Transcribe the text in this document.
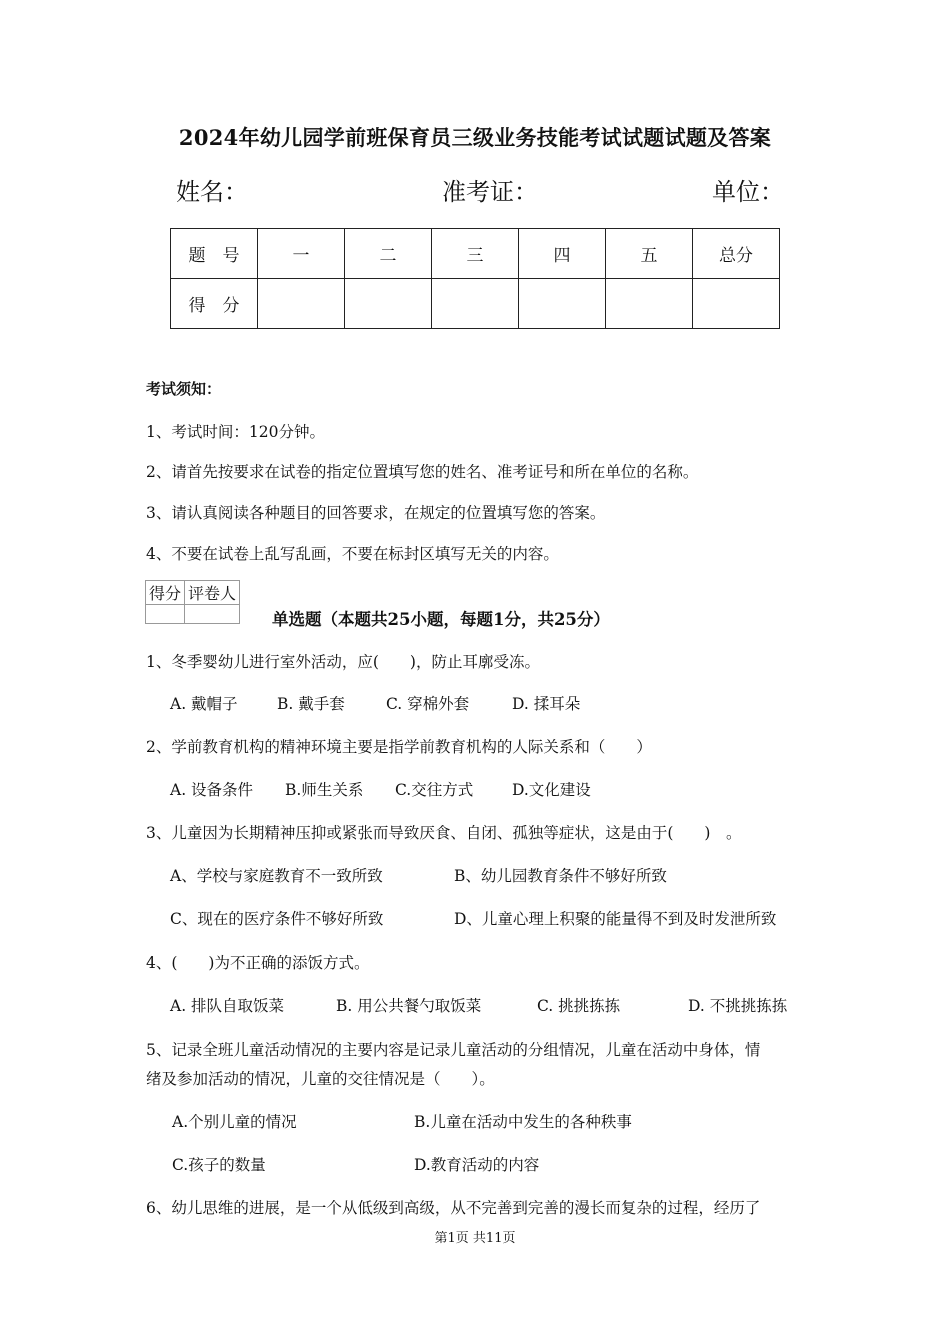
2024年幼儿园学前班保育员三级业务技能考试试题试题及答案
姓名：	准考证：	单位：
题　号	一	二	三	四	五	总分
得　分						
考试须知：
1、考试时间：120分钟。
2、请首先按要求在试卷的指定位置填写您的姓名、准考证号和所在单位的名称。
3、请认真阅读各种题目的回答要求，在规定的位置填写您的答案。
4、不要在试卷上乱写乱画，不要在标封区填写无关的内容。
得分	评卷人

单选题（本题共25小题，每题1分，共25分）
1、冬季婴幼儿进行室外活动，应(　　)，防止耳廓受冻。
A. 戴帽子	B. 戴手套	C. 穿棉外套	D. 揉耳朵
2、学前教育机构的精神环境主要是指学前教育机构的人际关系和（　　）
A. 设备条件 B.师生关系 C.交往方式	D.文化建设
3、儿童因为长期精神压抑或紧张而导致厌食、自闭、孤独等症状，这是由于(　　)　。
A、学校与家庭教育不一致所致	B、幼儿园教育条件不够好所致
C、现在的医疗条件不够好所致	D、儿童心理上积聚的能量得不到及时发泄所致
4、(　　)为不正确的添饭方式。
A. 排队自取饭菜	B. 用公共餐勺取饭菜	C. 挑挑拣拣	D. 不挑挑拣拣
5、记录全班儿童活动情况的主要内容是记录儿童活动的分组情况，儿童在活动中身体，情
绪及参加活动的情况，儿童的交往情况是（　　）。
A.个别儿童的情况	B.儿童在活动中发生的各种秩事
C.孩子的数量	D.教育活动的内容
6、幼儿思维的进展，是一个从低级到高级，从不完善到完善的漫长而复杂的过程，经历了
第1页 共11页
